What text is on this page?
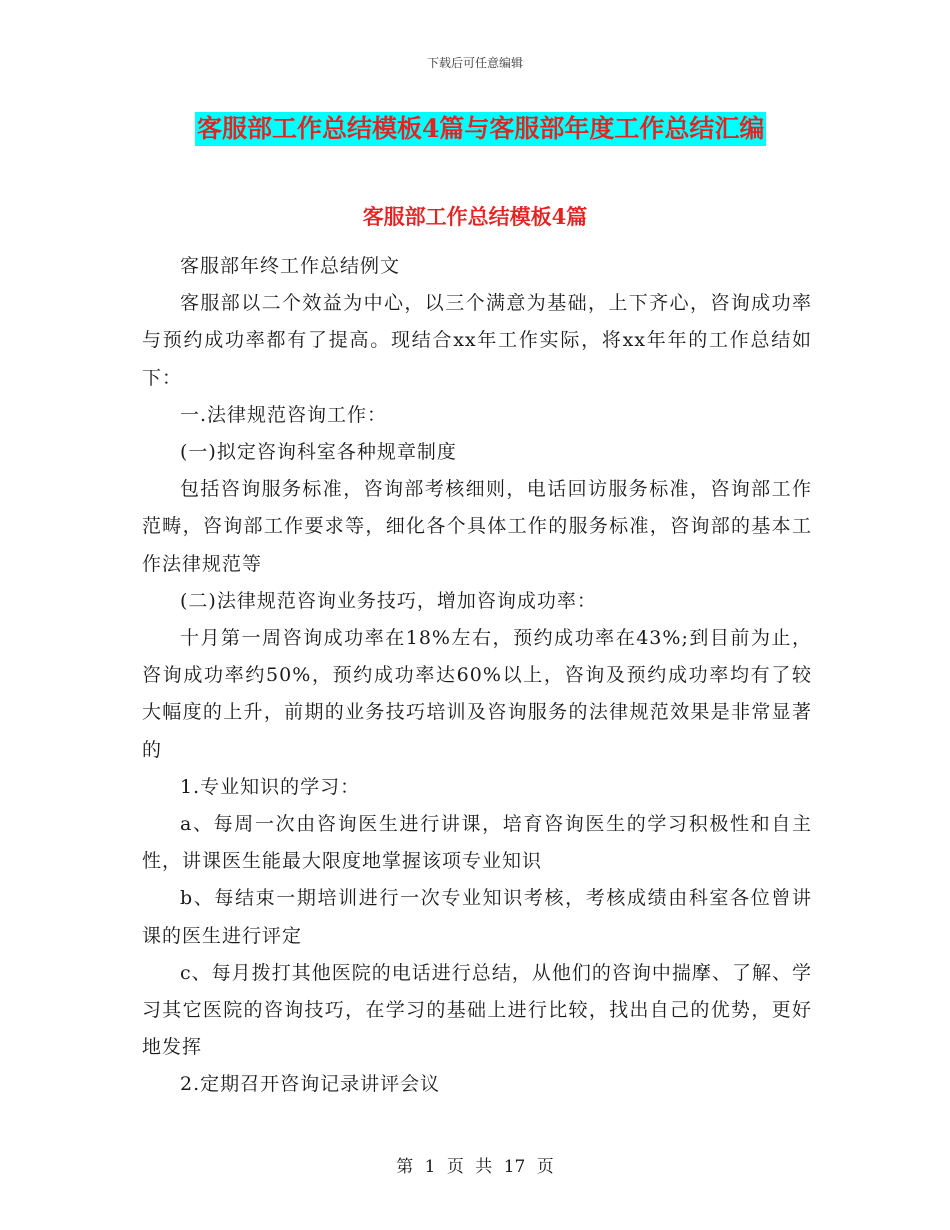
下载后可任意编辑
客服部工作总结模板4篇与客服部年度工作总结汇编
客服部工作总结模板4篇

客服部年终工作总结例文

客服部以二个效益为中心，以三个满意为基础，上下齐心，咨询成功率与预约成功率都有了提高。现结合xx年工作实际，将xx年年的工作总结如下：

一.法律规范咨询工作：

(一)拟定咨询科室各种规章制度

包括咨询服务标准，咨询部考核细则，电话回访服务标准，咨询部工作范畴，咨询部工作要求等，细化各个具体工作的服务标准，咨询部的基本工作法律规范等

(二)法律规范咨询业务技巧，增加咨询成功率：

十月第一周咨询成功率在18%左右，预约成功率在43%;到目前为止，咨询成功率约50%，预约成功率达60%以上，咨询及预约成功率均有了较大幅度的上升，前期的业务技巧培训及咨询服务的法律规范效果是非常显著的

1.专业知识的学习：

a、每周一次由咨询医生进行讲课，培育咨询医生的学习积极性和自主性，讲课医生能最大限度地掌握该项专业知识

b、每结束一期培训进行一次专业知识考核，考核成绩由科室各位曾讲课的医生进行评定

c、每月拨打其他医院的电话进行总结，从他们的咨询中揣摩、了解、学习其它医院的咨询技巧，在学习的基础上进行比较，找出自己的优势，更好地发挥

2.定期召开咨询记录讲评会议

第 1 页 共 17 页
